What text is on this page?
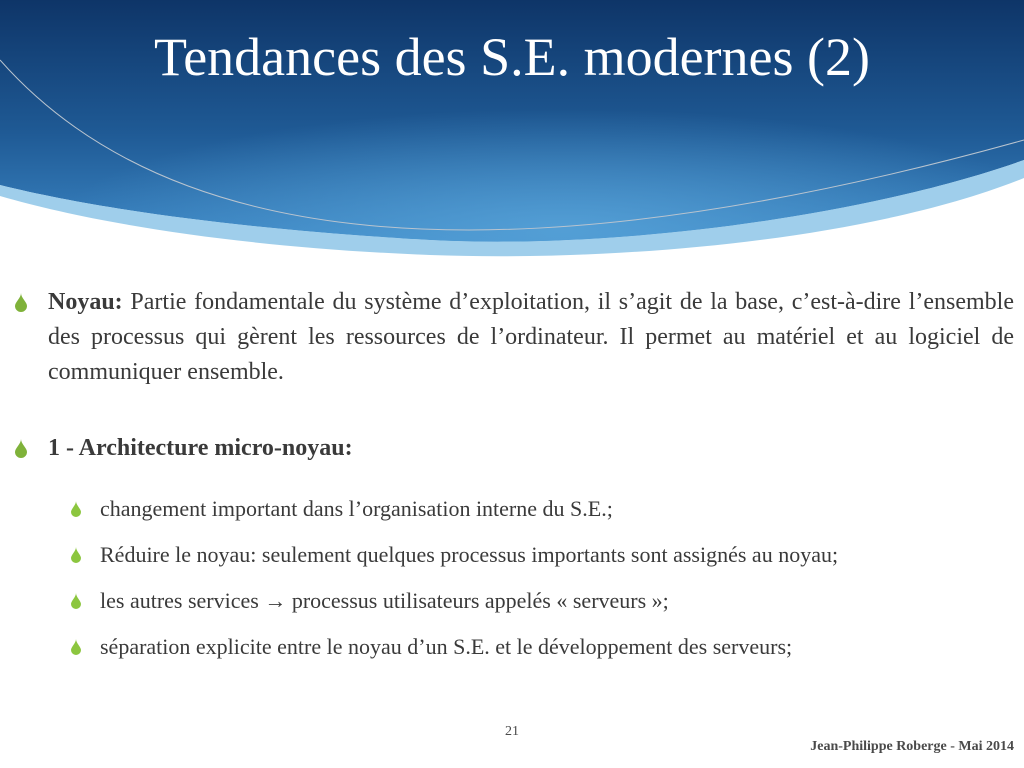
Tendances des S.E. modernes (2)
Noyau: Partie fondamentale du système d’exploitation, il s’agit de la base, c’est-à-dire l’ensemble des processus qui gèrent les ressources de l’ordinateur. Il permet au matériel et au logiciel de communiquer ensemble.
1 - Architecture micro-noyau:
changement important dans l’organisation interne du S.E.;
Réduire le noyau: seulement quelques processus importants sont assignés au noyau;
les autres services → processus utilisateurs appelés « serveurs »;
séparation explicite entre le noyau d’un S.E. et le développement des serveurs;
21
Jean-Philippe Roberge - Mai 2014
